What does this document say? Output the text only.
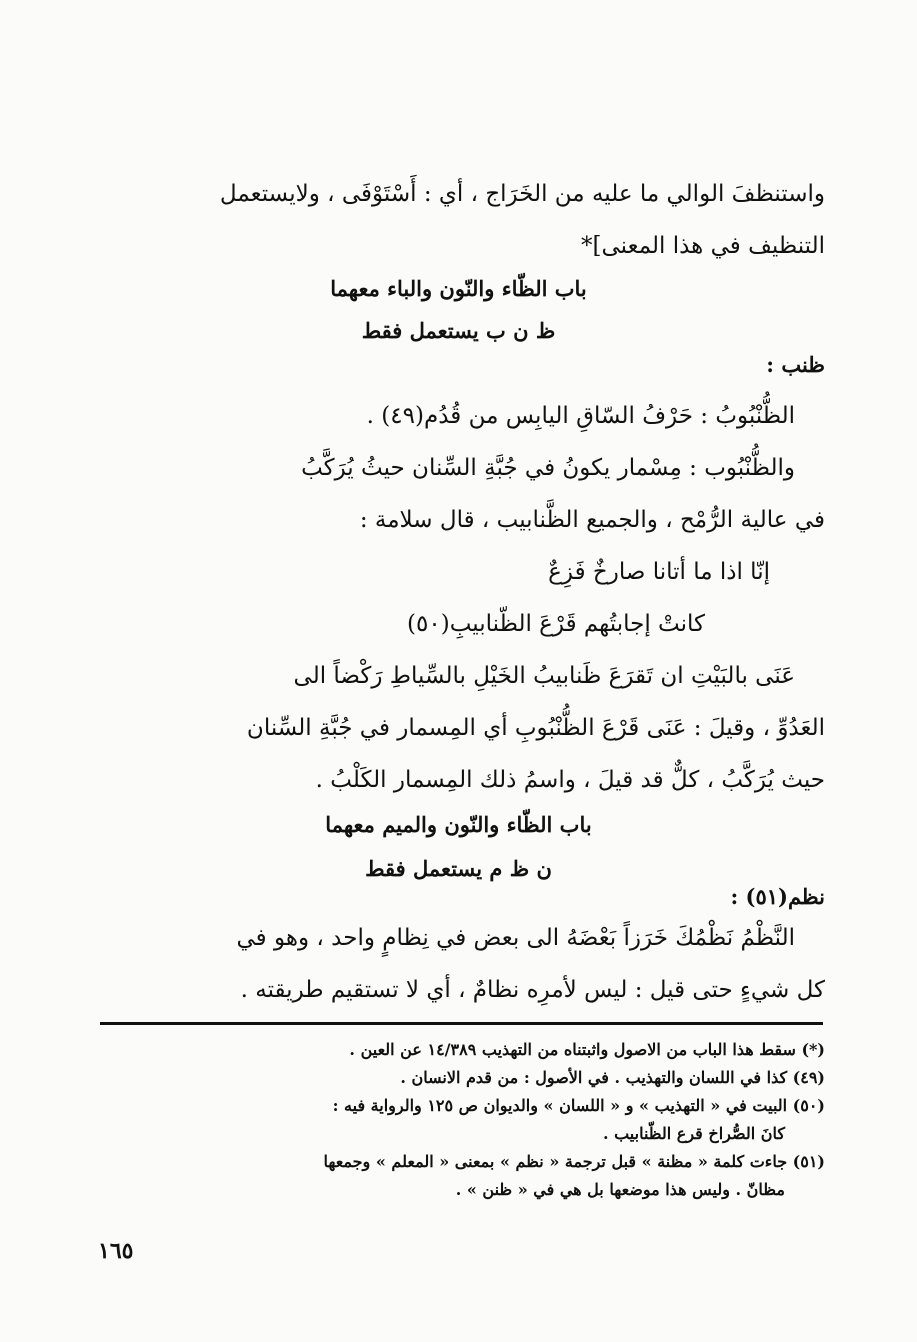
واستنظفَ الوالي ما عليه من الخَرَاج ، أي : أَسْتَوْفَى ، ولايستعمل

التنظيف في هذا المعنى]*

باب الظّاء والنّون والباء معهما
ظ ن ب يستعمل فقط
ظنب :

الظُّنْبُوبُ : حَرْفُ السّاقِ اليابِس من قُدُم(٤٩) .

والظُّنْبُوب : مِسْمار يكونُ في جُبَّةِ السِّنان حيثُ يُرَكَّبُ

في عالية الرُّمْح ، والجميع الظَّنابيب ، قال سلامة :

إنّا اذا ما أتانا صارخٌ فَزِعٌ

كانتْ إجابتُهم قَرْعَ الظّنابيبِ(٥٠)

عَنَى بالبَيْتِ ان تَقرَعَ ظَنابيبُ الخَيْلِ بالسِّياطِ رَكْضاً الى

العَدُوِّ ، وقيلَ : عَنَى قَرْعَ الظُّنْبُوبِ أي المِسمار في جُبَّةِ السِّنان

حيث يُرَكَّبُ ، كلٌّ قد قيلَ ، واسمُ ذلك المِسمار الكَلْبُ .

باب الظّاء والنّون والميم معهما
ن ظ م يستعمل فقط
نظم(٥١) :

النَّظْمُ نَظْمُكَ خَرَزاً بَعْضَهُ الى بعض في نِظامٍ واحد ، وهو في

كل شيءٍ حتى قيل : ليس لأمرِه نظامٌ ، أي لا تستقيم طريقته .

(*) سقط هذا الباب من الاصول واثبتناه من التهذيب ١٤/٣٨٩ عن العين .

(٤٩) كذا في اللسان والتهذيب . في الأصول : من قدم الانسان .

(٥٠) البيت في « التهذيب » و « اللسان » والديوان ص ١٢٥ والرواية فيه :

كانَ الصُّراخ قرع الظّنابيب .

(٥١) جاءت كلمة « مظنة » قبل ترجمة « نظم » بمعنى « المعلم » وجمعها

مظانّ . وليس هذا موضعها بل هي في « ظنن » .

١٦٥
